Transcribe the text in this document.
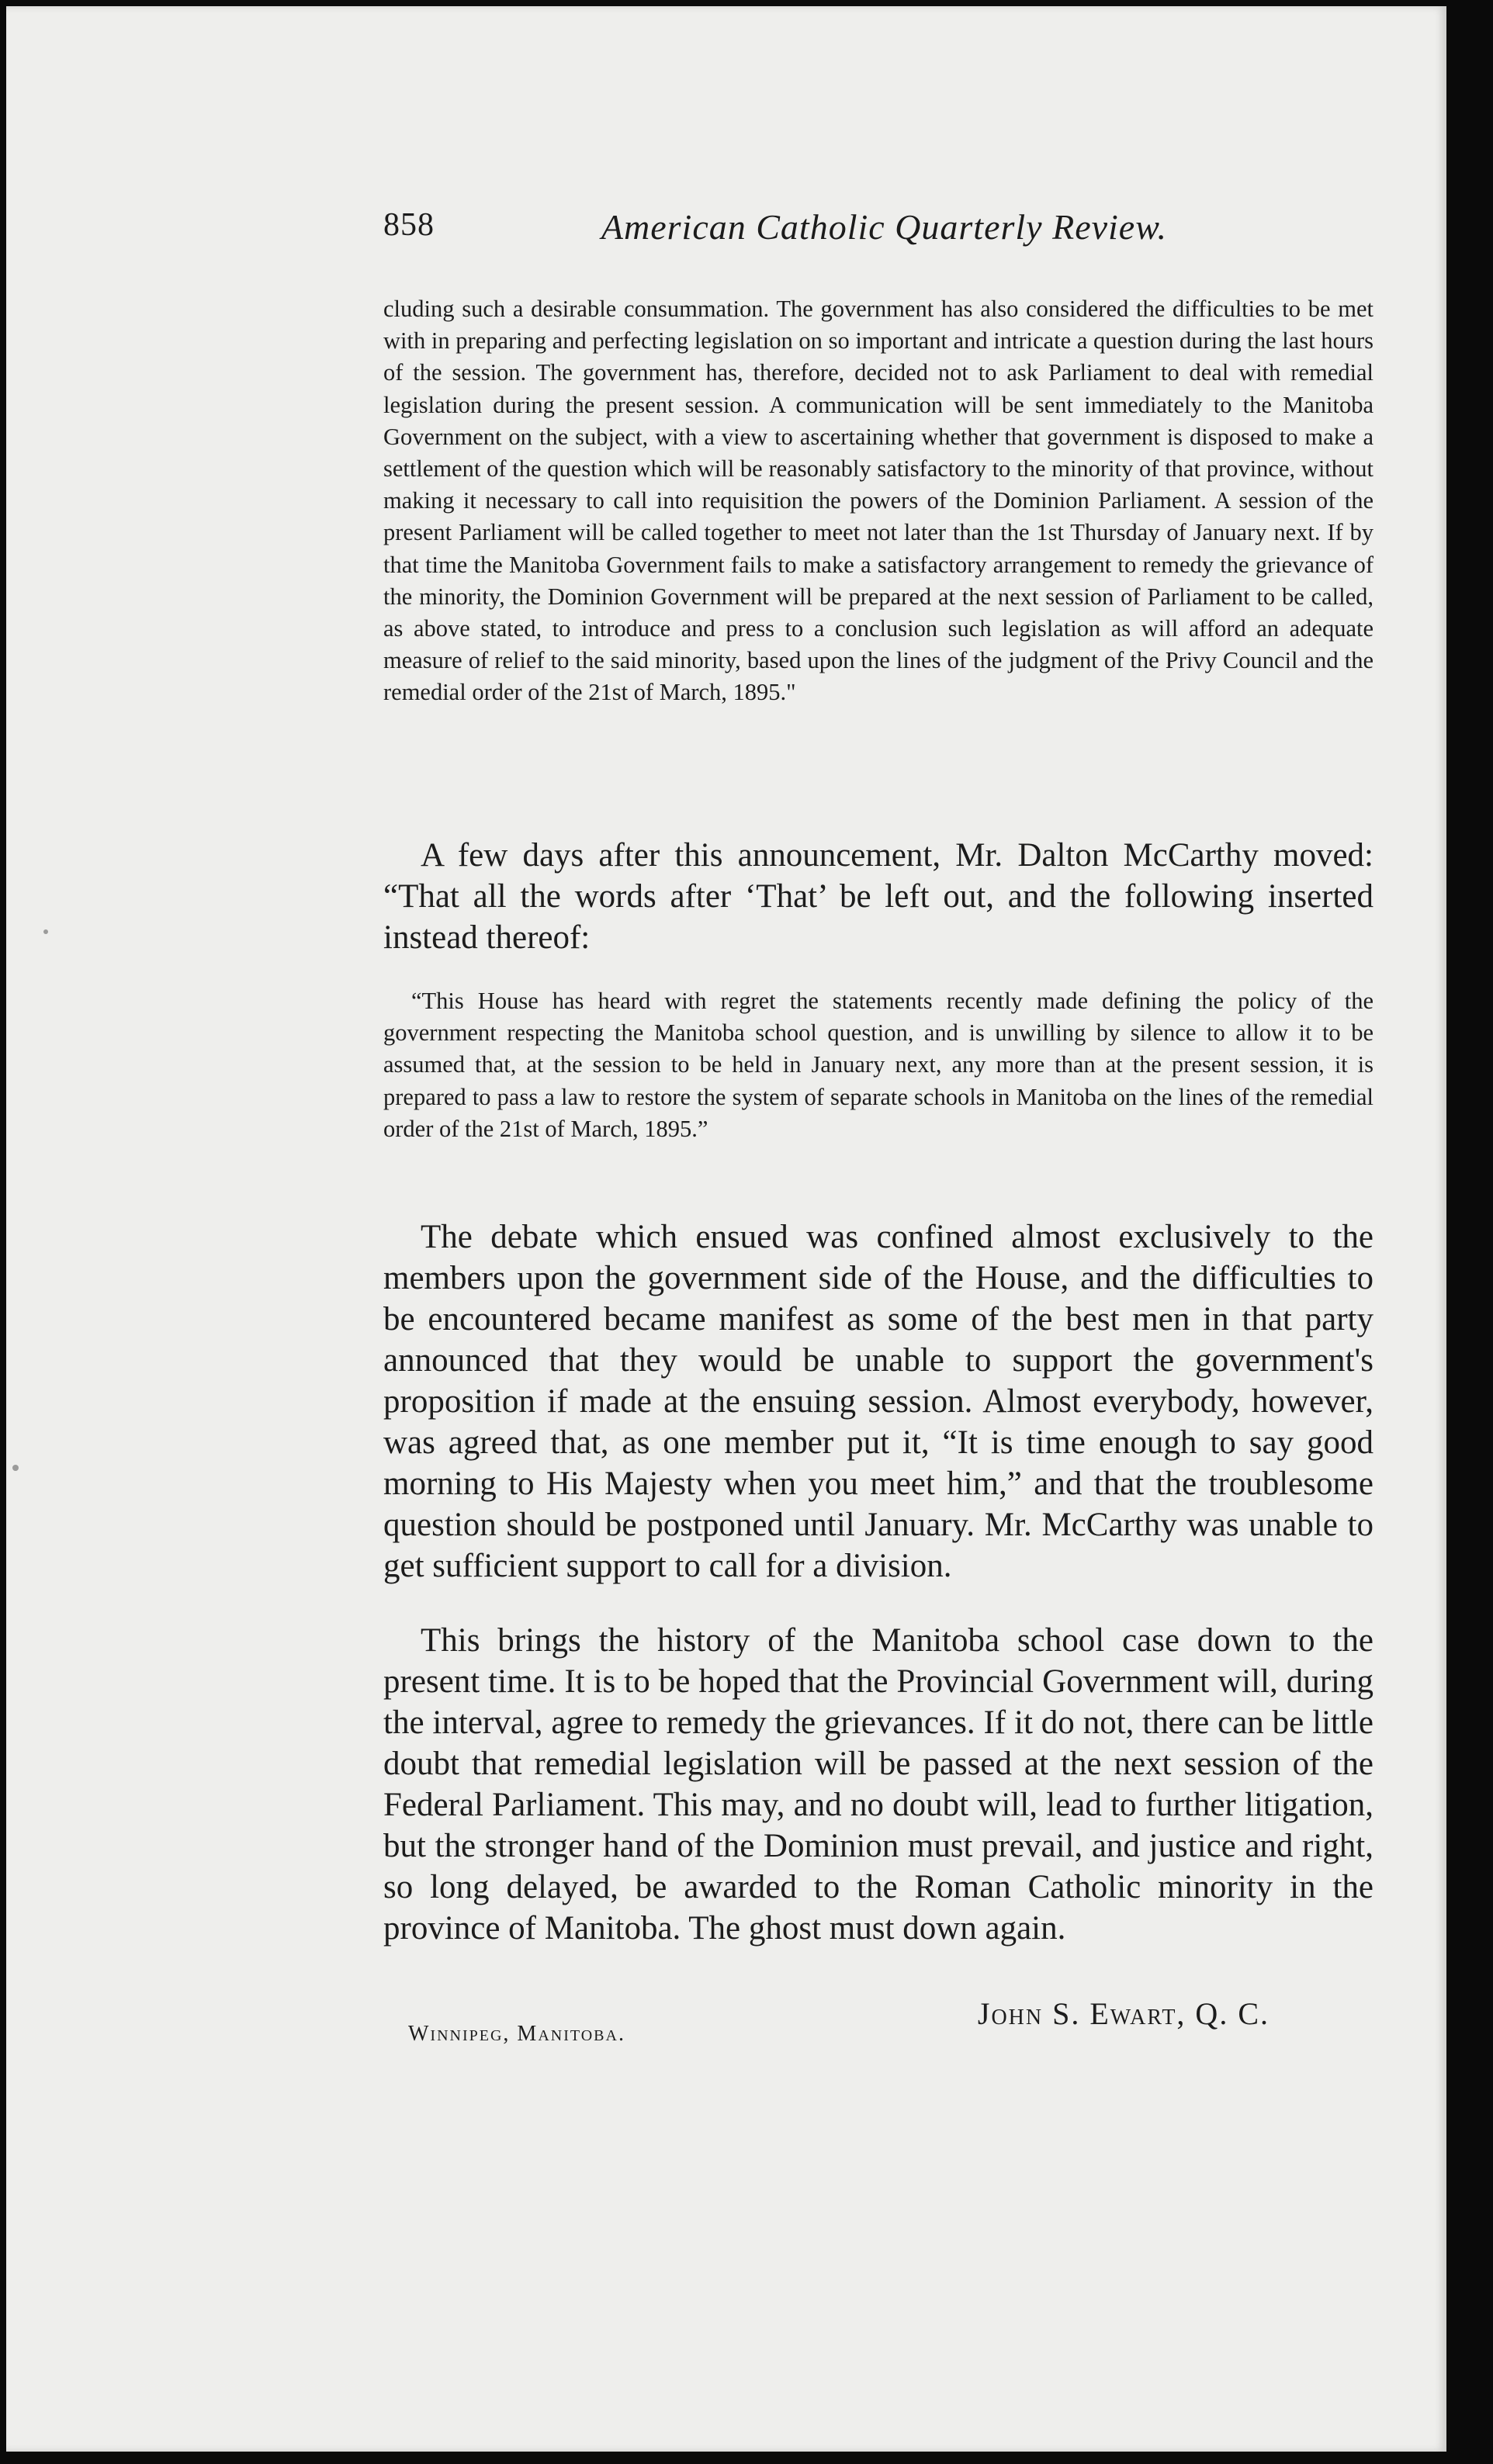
858	American Catholic Quarterly Review.

cluding such a desirable consummation. The government has also considered the difficulties to be met with in preparing and perfecting legislation on so important and intricate a question during the last hours of the session. The government has, therefore, decided not to ask Parliament to deal with remedial legislation during the present session. A communication will be sent immediately to the Manitoba Government on the subject, with a view to ascertaining whether that government is disposed to make a settlement of the question which will be reasonably satisfactory to the minority of that province, without making it necessary to call into requisition the powers of the Dominion Parliament. A session of the present Parliament will be called together to meet not later than the 1st Thursday of January next. If by that time the Manitoba Government fails to make a satisfactory arrangement to remedy the grievance of the minority, the Dominion Government will be prepared at the next session of Parliament to be called, as above stated, to introduce and press to a conclusion such legislation as will afford an adequate measure of relief to the said minority, based upon the lines of the judgment of the Privy Council and the remedial order of the 21st of March, 1895."

A few days after this announcement, Mr. Dalton McCarthy moved: “That all the words after ‘That’ be left out, and the following inserted instead thereof:

“This House has heard with regret the statements recently made defining the policy of the government respecting the Manitoba school question, and is unwilling by silence to allow it to be assumed that, at the session to be held in January next, any more than at the present session, it is prepared to pass a law to restore the system of separate schools in Manitoba on the lines of the remedial order of the 21st of March, 1895.”

The debate which ensued was confined almost exclusively to the members upon the government side of the House, and the difficulties to be encountered became manifest as some of the best men in that party announced that they would be unable to support the government's proposition if made at the ensuing session. Almost everybody, however, was agreed that, as one member put it, “It is time enough to say good morning to His Majesty when you meet him,” and that the troublesome question should be postponed until January. Mr. McCarthy was unable to get sufficient support to call for a division.
This brings the history of the Manitoba school case down to the present time. It is to be hoped that the Provincial Government will, during the interval, agree to remedy the grievances. If it do not, there can be little doubt that remedial legislation will be passed at the next session of the Federal Parliament. This may, and no doubt will, lead to further litigation, but the stronger hand of the Dominion must prevail, and justice and right, so long delayed, be awarded to the Roman Catholic minority in the province of Manitoba. The ghost must down again.
John S. Ewart, Q. C.
Winnipeg, Manitoba.
